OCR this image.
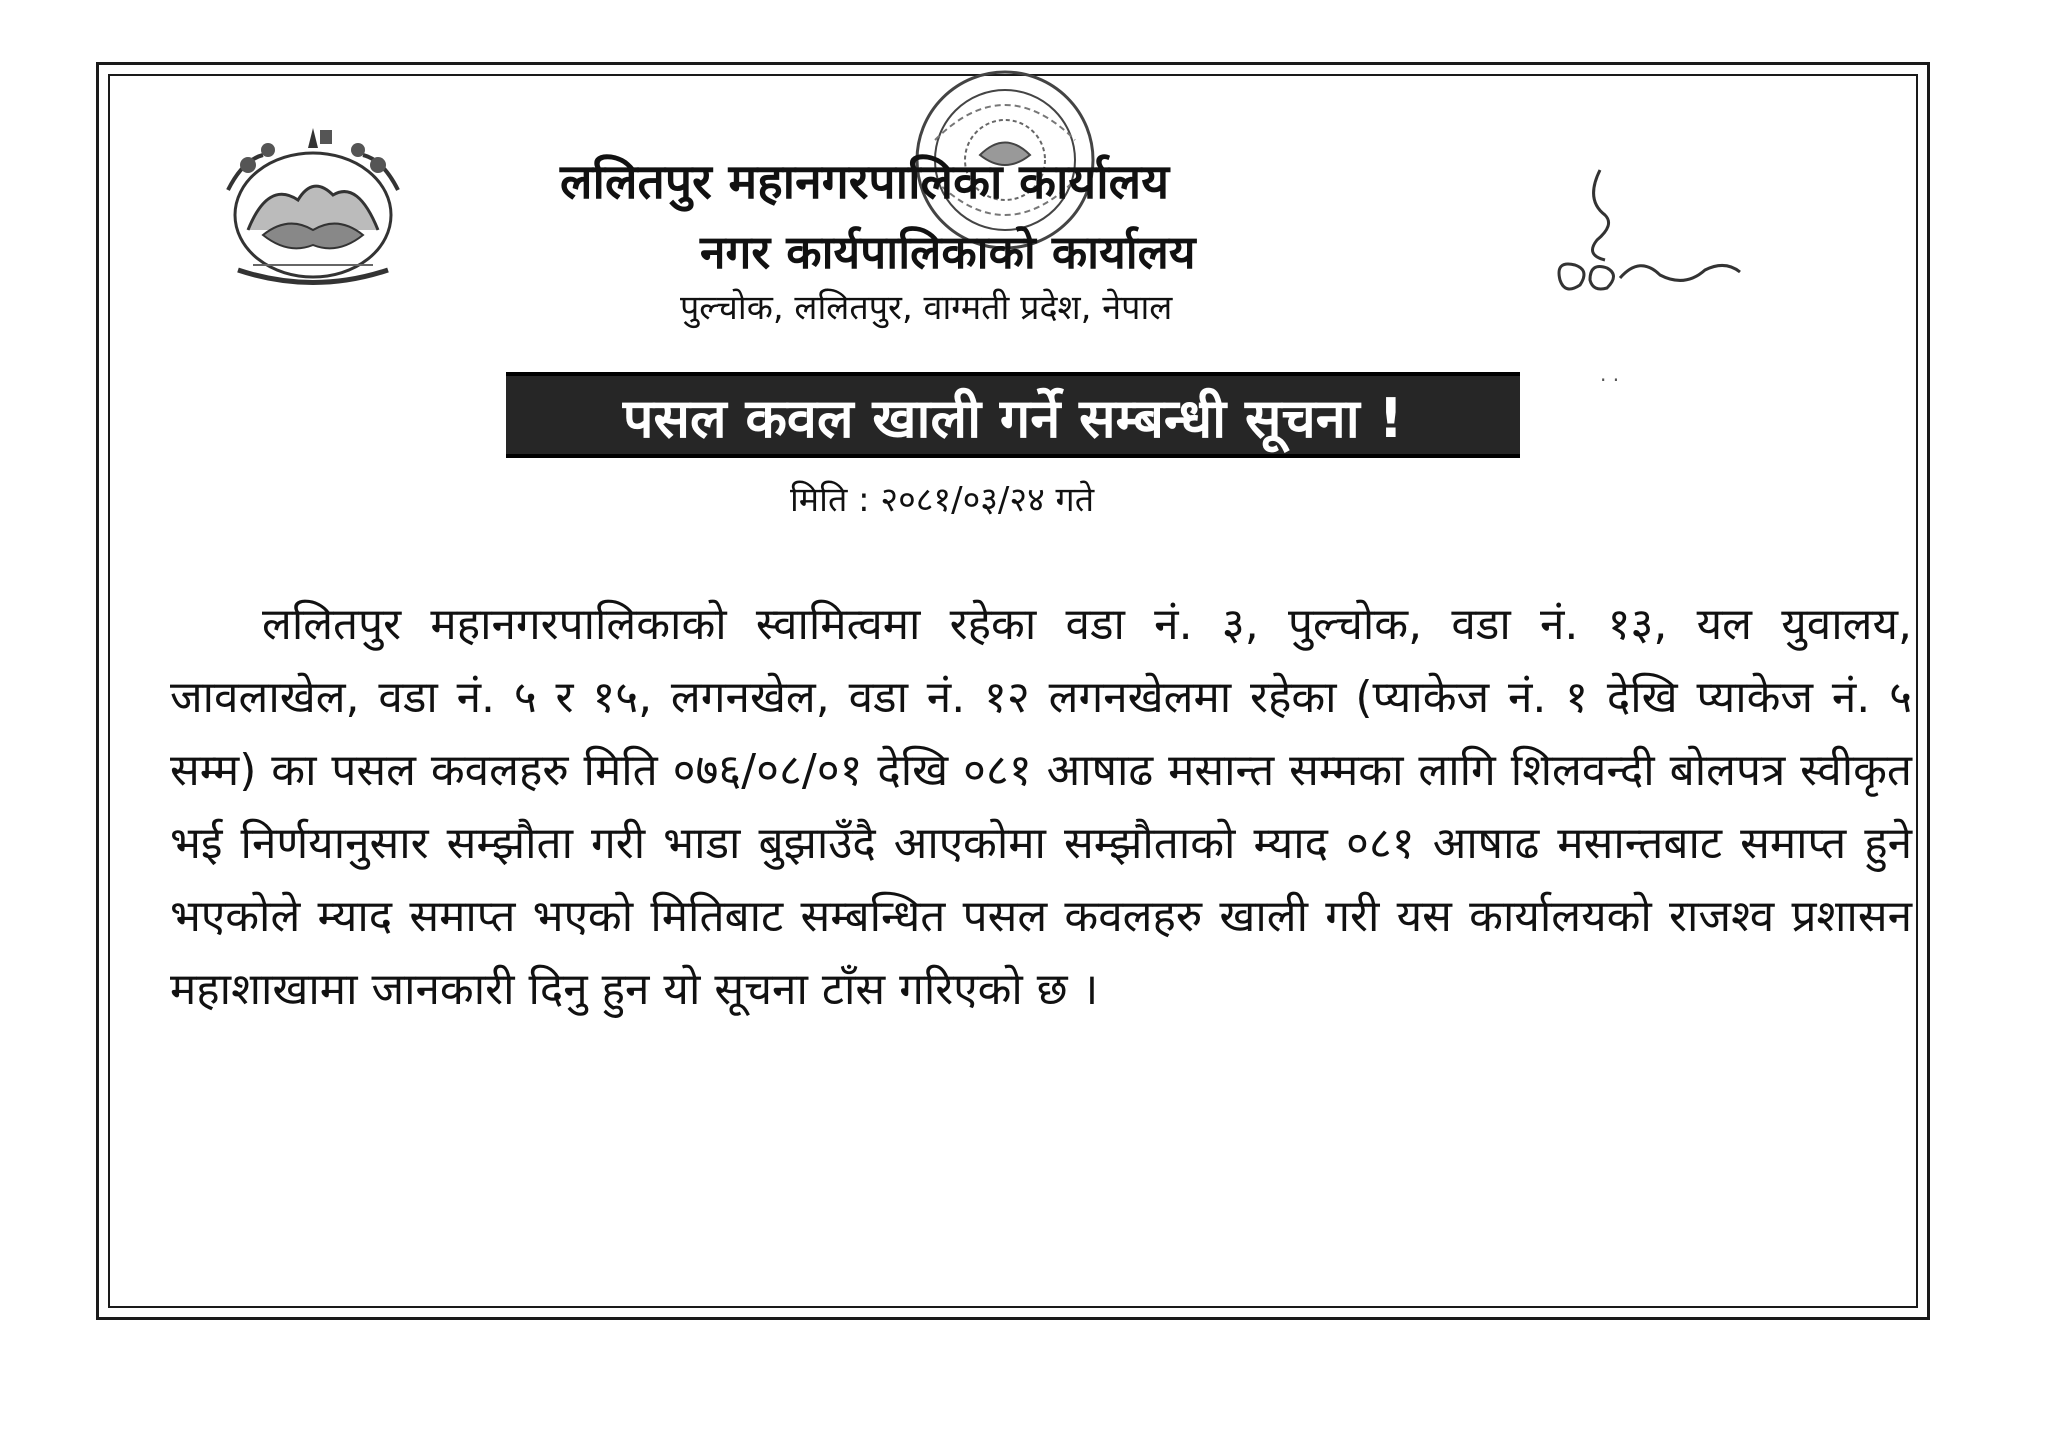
ललितपुर महानगरपालिका कार्यालय
नगर कार्यपालिकाको कार्यालय
पुल्चोक, ललितपुर, वाग्मती प्रदेश, नेपाल
· ·
पसल कवल खाली गर्ने सम्बन्धी सूचना !
मिति : २०८१/०३/२४ गते

ललितपुर महानगरपालिकाको स्वामित्वमा रहेका वडा नं. ३, पुल्चोक, वडा नं. १३, यल युवालय, जावलाखेल, वडा नं. ५ र १५, लगनखेल, वडा नं. १२ लगनखेलमा रहेका (प्याकेज नं. १ देखि प्याकेज नं. ५ सम्म) का पसल कवलहरु मिति ०७६/०८/०१ देखि ०८१ आषाढ मसान्त सम्मका लागि शिलवन्दी बोलपत्र स्वीकृत भई निर्णयानुसार सम्झौता गरी भाडा बुझाउँदै आएकोमा सम्झौताको म्याद ०८१ आषाढ मसान्तबाट समाप्त हुने भएकोले म्याद समाप्त भएको मितिबाट सम्बन्धित पसल कवलहरु खाली गरी यस कार्यालयको राजश्व प्रशासन महाशाखामा जानकारी दिनु हुन यो सूचना टाँस गरिएको छ ।
